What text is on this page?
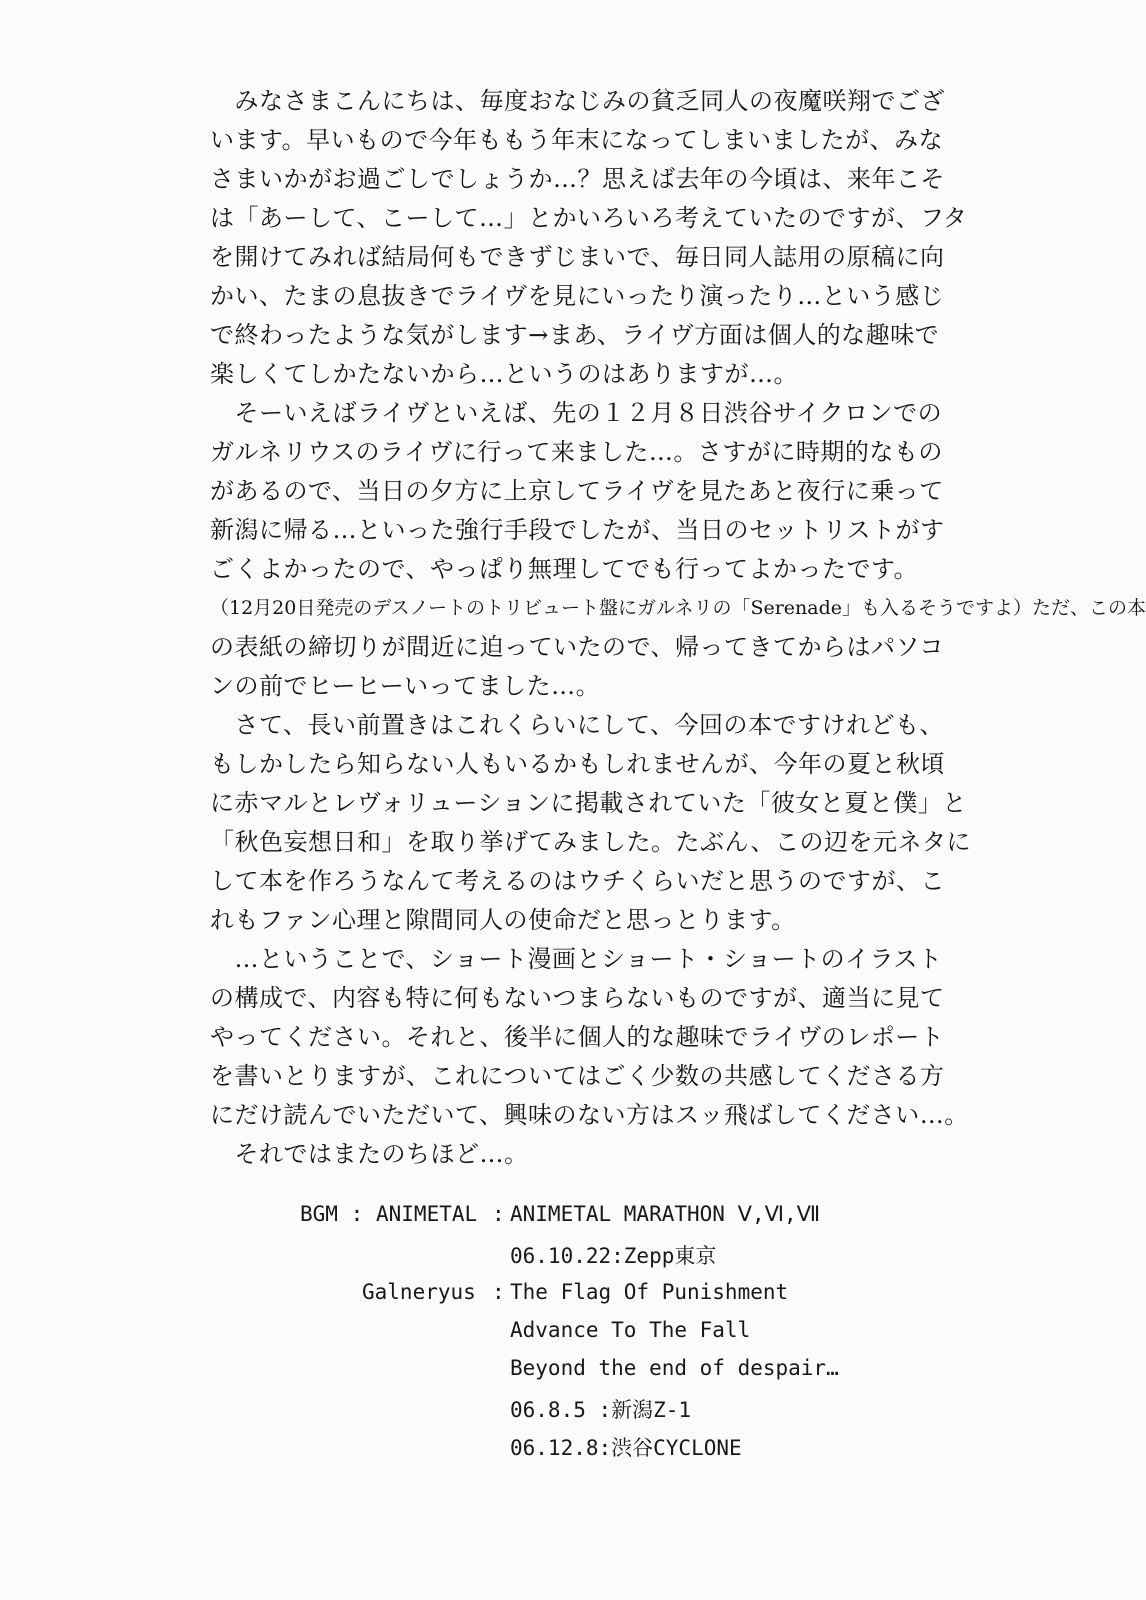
　みなさまこんにちは、毎度おなじみの貧乏同人の夜魔咲翔でござ
います。早いもので今年ももう年末になってしまいましたが、みな
さまいかがお過ごしでしょうか…？思えば去年の今頃は、来年こそ
は「あーして、こーして…」とかいろいろ考えていたのですが、フタ
を開けてみれば結局何もできずじまいで、毎日同人誌用の原稿に向
かい、たまの息抜きでライヴを見にいったり演ったり…という感じ
で終わったような気がします→まあ、ライヴ方面は個人的な趣味で
楽しくてしかたないから…というのはありますが…。
　そーいえばライヴといえば、先の１２月８日渋谷サイクロンでの
ガルネリウスのライヴに行って来ました…。さすがに時期的なもの
があるので、当日の夕方に上京してライヴを見たあと夜行に乗って
新潟に帰る…といった強行手段でしたが、当日のセットリストがす
ごくよかったので、やっぱり無理してでも行ってよかったです。
（12月20日発売のデスノートのトリビュート盤にガルネリの「Serenade」も入るそうですよ）ただ、この本
の表紙の締切りが間近に迫っていたので、帰ってきてからはパソコ
ンの前でヒーヒーいってました…。
　さて、長い前置きはこれくらいにして、今回の本ですけれども、
もしかしたら知らない人もいるかもしれませんが、今年の夏と秋頃
に赤マルとレヴォリューションに掲載されていた「彼女と夏と僕」と
「秋色妄想日和」を取り挙げてみました。たぶん、この辺を元ネタに
して本を作ろうなんて考えるのはウチくらいだと思うのですが、こ
れもファン心理と隙間同人の使命だと思っとります。
　…ということで、ショート漫画とショート・ショートのイラスト
の構成で、内容も特に何もないつまらないものですが、適当に見て
やってください。それと、後半に個人的な趣味でライヴのレポート
を書いとりますが、これについてはごく少数の共感してくださる方
にだけ読んでいただいて、興味のない方はスッ飛ばしてください…。
　それではまたのちほど…。
BGM : ANIMETAL : ANIMETAL MARATHON Ⅴ,Ⅵ,Ⅶ
06.10.22:Zepp東京
Galneryus : The Flag Of Punishment
Advance To The Fall
Beyond the end of despair…
06.8.5 :新潟Z-1
06.12.8:渋谷CYCLONE
